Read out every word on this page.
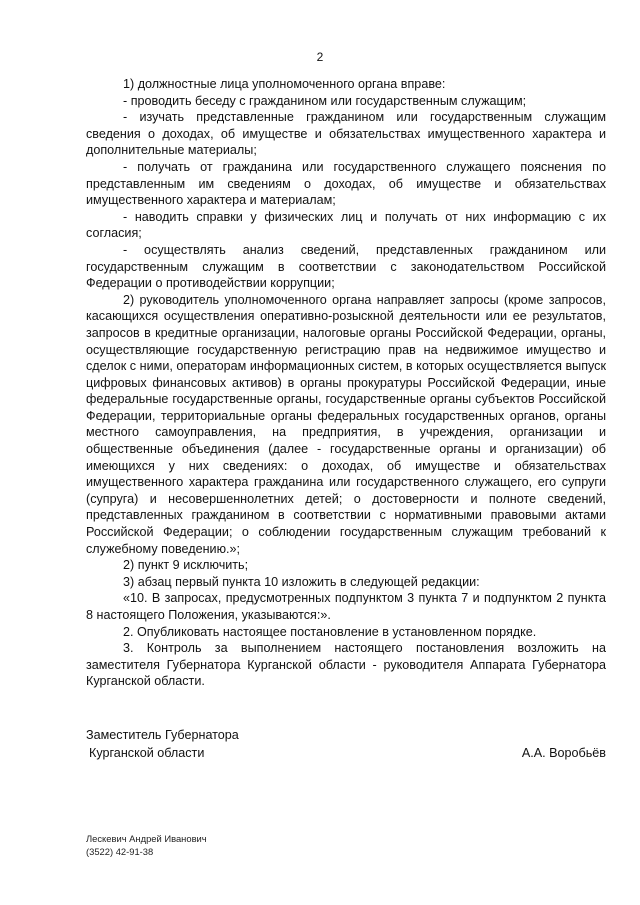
2

1) должностные лица уполномоченного органа вправе:

- проводить беседу с гражданином или государственным служащим;

- изучать представленные гражданином или государственным служащим сведения о доходах, об имуществе и обязательствах имущественного характера и дополнительные материалы;

- получать от гражданина или государственного служащего пояснения по представленным им сведениям о доходах, об имуществе и обязательствах имущественного характера и материалам;

- наводить справки у физических лиц и получать от них информацию с их согласия;

- осуществлять анализ сведений, представленных гражданином или государственным служащим в соответствии с законодательством Российской Федерации о противодействии коррупции;

2) руководитель уполномоченного органа направляет запросы (кроме запросов, касающихся осуществления оперативно-розыскной деятельности или ее результатов, запросов в кредитные организации, налоговые органы Российской Федерации, органы, осуществляющие государственную регистрацию прав на недвижимое имущество и сделок с ними, операторам информационных систем, в которых осуществляется выпуск цифровых финансовых активов) в органы прокуратуры Российской Федерации, иные федеральные государственные органы, государственные органы субъектов Российской Федерации, территориальные органы федеральных государственных органов, органы местного самоуправления, на предприятия, в учреждения, организации и общественные объединения (далее - государственные органы и организации) об имеющихся у них сведениях: о доходах, об имуществе и обязательствах имущественного характера гражданина или государственного служащего, его супруги (супруга) и несовершеннолетних детей; о достоверности и полноте сведений, представленных гражданином в соответствии с нормативными правовыми актами Российской Федерации; о соблюдении государственным служащим требований к служебному поведению.»;

2) пункт 9 исключить;

3) абзац первый пункта 10 изложить в следующей редакции:

«10. В запросах, предусмотренных подпунктом 3 пункта 7 и подпунктом 2 пункта 8 настоящего Положения, указываются:».

2. Опубликовать настоящее постановление в установленном порядке.

3. Контроль за выполнением настоящего постановления возложить на заместителя Губернатора Курганской области - руководителя Аппарата Губернатора Курганской области.

Заместитель Губернатора
Курганской области	А.А. Воробьёв
Лескевич Андрей Иванович
(3522) 42-91-38
